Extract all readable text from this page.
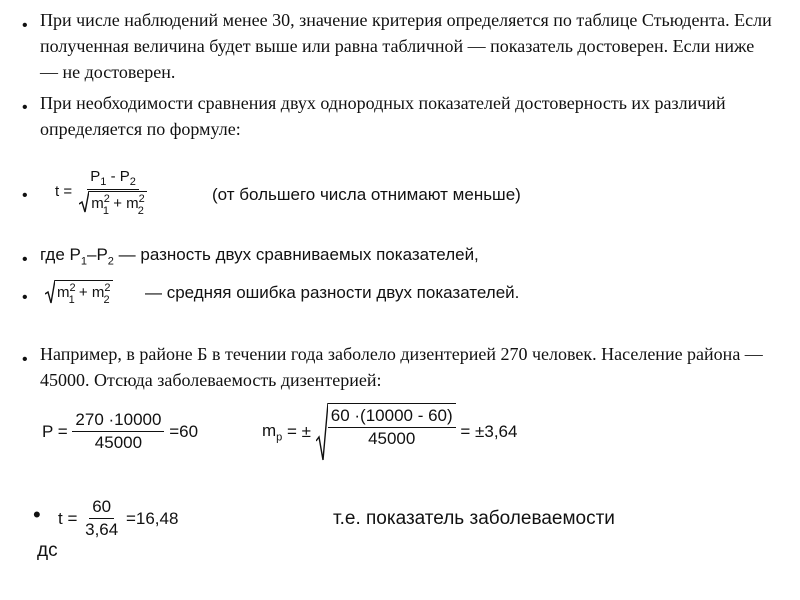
• При числе наблюдений менее 30, значение критерия определяется по таблице Стьюдента. Если полученная величина будет выше или равна табличной — показатель достоверен. Если ниже — не достоверен.
• При необходимости сравнения двух однородных показателей достоверность их различий определяется по формуле:
• $t = \frac{P_1 - P_2}{m^2_1 + m^2_2}$	(от большего числа отнимают меньше)
• где $Р_1-Р_2$ — разность двух сравниваемых показателей,
• $m^2_1 + m^2_2$ — средняя ошибка разности двух показателей.
• Например, в районе Б в течении года заболело дизентерией 270 человек. Население района — 45000. Отсюда заболеваемость дизентерией:
$P = \frac{270 \cdot 10000}{45000} =60$	$m_p$ = ± $\frac{60 \cdot(10000 - 60)}{45000} = \pm 3,64$
• $t = \frac{60}{3,64} =16,48$	т.е. показатель заболеваемости
дс
